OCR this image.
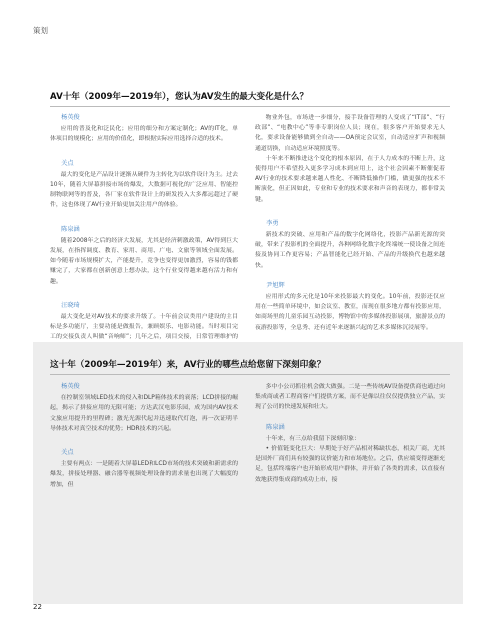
策划
AV十年（2009年—2019年），您认为AV发生的最大变化是什么？

杨英俊

应用的普及化和泛民化；应用的细分和方案定制化；AV的IT化，单体项目的规模化；应用的价值化，即根据实际应用选择合适的技术。

关点

最大的变化是产品设计逐渐从硬件为主转化为以软件设计为主。过去10年，随着大屏幕拼接市场的爆发，大数据可视化的广泛应用、智能控制物联网等的普及，各厂家在软件设计上的研发投入大多都远超过了硬件，这也体现了AV行业开始更加关注用户的体验。

陈泉涵

随着2008年之后的经济大发展，尤其是经济刺激政策，AV得到巨大发展，在指挥调度、教育、家用、商用、广电、文旅等领域全面发展。如今随着市场规模扩大，产能提升，竞争也变得更加激烈，容易的钱都赚完了，大家都在创新创意上想办法，这个行业变得越来越有活力和有趣。

汪晓琦

最大变化是对AV技术的要求升级了。十年前会议类用户建设的主目标是多功能厅，主要功能是做报告，兼顾娱乐、电影功能。当时项目完工的交接负责人叫做“音响师”；几年之后，项目交接，日常管理维护的

物业外包，市场进一步细分，接手设备管理的人变成了“IT部”、“行政部”、“电教中心”等非专职岗位人员；现在，很多客户开始要求无人化，要求设备能够做到全自动——OA预定会议室，自动适应扩声和视频通道切换，自动适应环境照度等。

十年来不断推进这个变化的根本原因，在于人力成本的不断上升，这使得用户不希望投入更多学习成本到应用上，这个社会因素不断催促着AV行业的技术要求越来越人性化、不断降低操作门槛，做更强的技术不断演化，但正因如此，专业和专业的技术要求和声音的表现力，都非常关键。

李勇

新技术的突破、应用和产品的数字化网络化，投影产品新光源的突破，带来了投影机的全面提升，各种网络化数字化终端统一使设备之间连接及协同工作更容易；产品智能化已经开始、产品的升级换代也越来越快。

尹旭辉

应用形式的多元化是10年来投影最大的变化。10年前，投影还仅应用在一些简单环境中，如会议室、教室，而现在很多地方都有投影应用，如商场里的儿童乐园互动投影，博物馆中的多媒体投影展项，旅游景点的夜游投影等，全息秀、还有近年来逐渐兴起的艺术多媒体沉浸展等。

这十年（2009年—2019年）来，AV行业的哪些点给您留下深刻印象？

杨英俊

在控制室领域LED技术的侵入和DLP箱体技术的衰落；LCD拼接的崛起，揭示了拼接应用的无限可能；方达武汉电影乐园，成为国内AV技术文旅应用提升的里程碑；激光光源代起并迅速取代灯泡，再一次证明半导体技术对真空技术的优势；HDR技术的兴起。

关点

主要有两点：一是随着大屏幕LED和LCD市场的技术突破和新需求的爆发，拼接处理器、融合器等视频处理设备的需求量也出现了大幅度的增加，但

多中小公司抓住机会做大做强。二是一些传统AV设备提供商也通过向集成商或者工程商客户们提供方案，而不是像以往仅仅提供独立产品，实现了公司的快速发展和壮大。

陈泉涵

十年来，有三点给我留下深刻印象：

• 价值链变化巨大：早期处于好产品相对稀缺状态，相关厂商，尤其是国外厂商们具有较强的议价能力和市场地位。之后，供应端变得逐渐充足，包括终端客户也开始形成用户群体，并开始了各类的需求，以直接有效地获得集成商的成功上市，接

22
